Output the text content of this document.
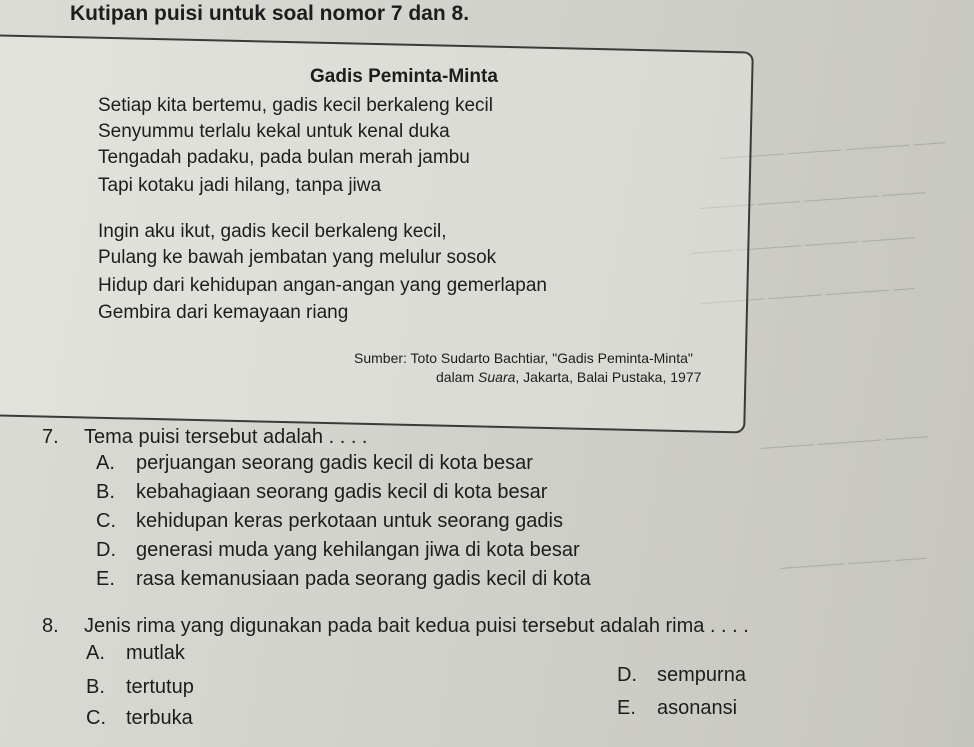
────── ───── ────── ───
───── ──── ─────── ────
──── ────── ───── ─────
────── ───── ────── ──
───── ────── ────
────── ──── ───
Kutipan puisi untuk soal nomor 7 dan 8.
Gadis Peminta-Minta
Setiap kita bertemu, gadis kecil berkaleng kecil
Senyummu terlalu kekal untuk kenal duka
Tengadah padaku, pada bulan merah jambu
Tapi kotaku jadi hilang, tanpa jiwa
Ingin aku ikut, gadis kecil berkaleng kecil,
Pulang ke bawah jembatan yang melulur sosok
Hidup dari kehidupan angan-angan yang gemerlapan
Gembira dari kemayaan riang
Sumber: Toto Sudarto Bachtiar, "Gadis Peminta-Minta"
dalam Suara, Jakarta, Balai Pustaka, 1977
7. Tema puisi tersebut adalah . . . .
A. perjuangan seorang gadis kecil di kota besar
B. kebahagiaan seorang gadis kecil di kota besar
C. kehidupan keras perkotaan untuk seorang gadis
D. generasi muda yang kehilangan jiwa di kota besar
E. rasa kemanusiaan pada seorang gadis kecil di kota
8. Jenis rima yang digunakan pada bait kedua puisi tersebut adalah rima . . . .
A. mutlak
B. tertutup
C. terbuka
D. sempurna
E. asonansi
